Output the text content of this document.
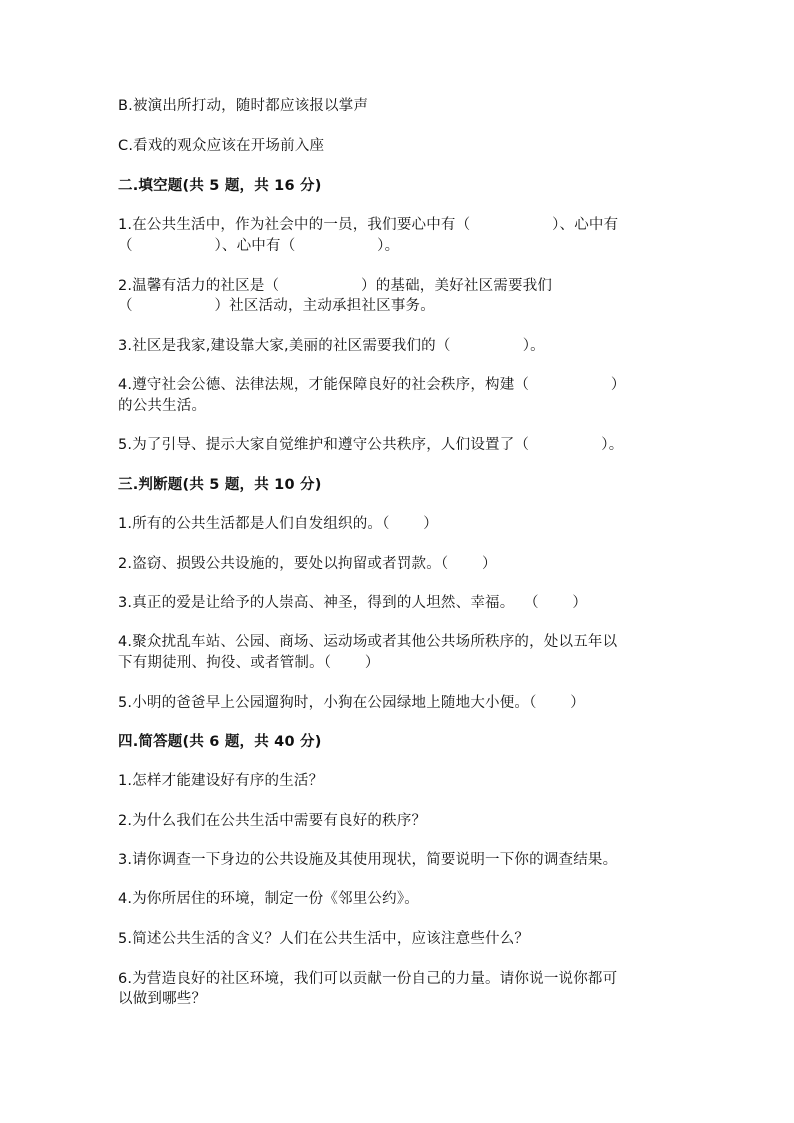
B.被演出所打动，随时都应该报以掌声
C.看戏的观众应该在开场前入座
二.填空题(共 5 题，共 16 分)
1.在公共生活中，作为社会中的一员，我们要心中有（                 ）、心中有
（                 ）、心中有（                 ）。
2.温馨有活力的社区是（                 ）的基础，美好社区需要我们
（                 ）社区活动，主动承担社区事务。
3.社区是我家,建设靠大家,美丽的社区需要我们的（               ）。
4.遵守社会公德、法律法规，才能保障良好的社会秩序，构建（                 ）
的公共生活。
5.为了引导、提示大家自觉维护和遵守公共秩序，人们设置了（               ）。
三.判断题(共 5 题，共 10 分)
1.所有的公共生活都是人们自发组织的。（       ）
2.盗窃、损毁公共设施的，要处以拘留或者罚款。（       ）
3.真正的爱是让给予的人崇高、神圣，得到的人坦然、幸福。  （       ）
4.聚众扰乱车站、公园、商场、运动场或者其他公共场所秩序的，处以五年以
下有期徒刑、拘役、或者管制。（       ）
5.小明的爸爸早上公园遛狗时，小狗在公园绿地上随地大小便。（       ）
四.简答题(共 6 题，共 40 分)
1.怎样才能建设好有序的生活？
2.为什么我们在公共生活中需要有良好的秩序？
3.请你调查一下身边的公共设施及其使用现状，简要说明一下你的调查结果。
4.为你所居住的环境，制定一份《邻里公约》。
5.简述公共生活的含义？人们在公共生活中，应该注意些什么？
6.为营造良好的社区环境，我们可以贡献一份自己的力量。请你说一说你都可
以做到哪些？
